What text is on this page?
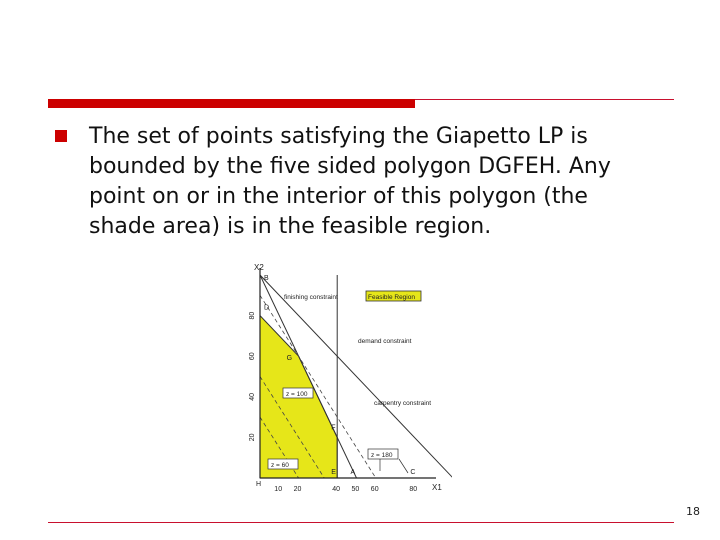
The set of points satisfying the Giapetto LP is
bounded by the five sided polygon DGFEH. Any
point on or in the interior of this polygon (the
shade area) is in the feasible region.

X2
X1
H
B
10 20	40 50 60	80
20
40
60
80
D
G
F
E A	C
finishing constraint
carpentry constraint
demand constraint
Feasible Region
z = 60
z = 100
z = 180
18
